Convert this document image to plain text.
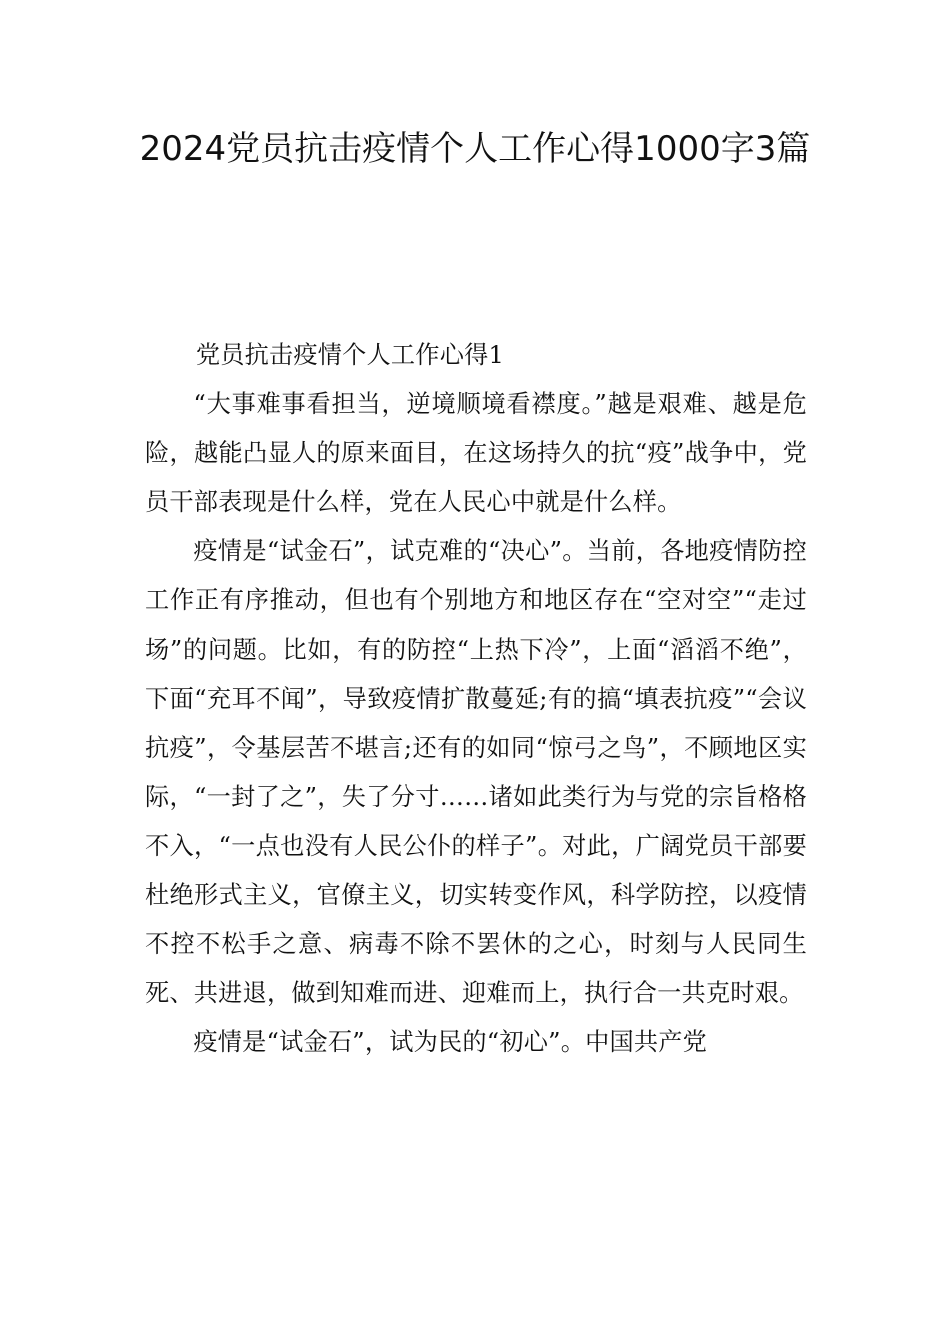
2024党员抗击疫情个人工作心得1000字3篇

党员抗击疫情个人工作心得1

“大事难事看担当，逆境顺境看襟度。”越是艰难、越是危险，越能凸显人的原来面目，在这场持久的抗“疫”战争中，党员干部表现是什么样，党在人民心中就是什么样。

疫情是“试金石”，试克难的“决心”。当前，各地疫情防控工作正有序推动，但也有个别地方和地区存在“空对空”“走过场”的问题。比如，有的防控“上热下冷”，上面“滔滔不绝”，下面“充耳不闻”，导致疫情扩散蔓延;有的搞“填表抗疫”“会议抗疫”，令基层苦不堪言;还有的如同“惊弓之鸟”，不顾地区实际，“一封了之”，失了分寸……诸如此类行为与党的宗旨格格不入，“一点也没有人民公仆的样子”。对此，广阔党员干部要杜绝形式主义，官僚主义，切实转变作风，科学防控，以疫情不控不松手之意、病毒不除不罢休的之心，时刻与人民同生死、共进退，做到知难而进、迎难而上，执行合一共克时艰。

疫情是“试金石”，试为民的“初心”。中国共产党
